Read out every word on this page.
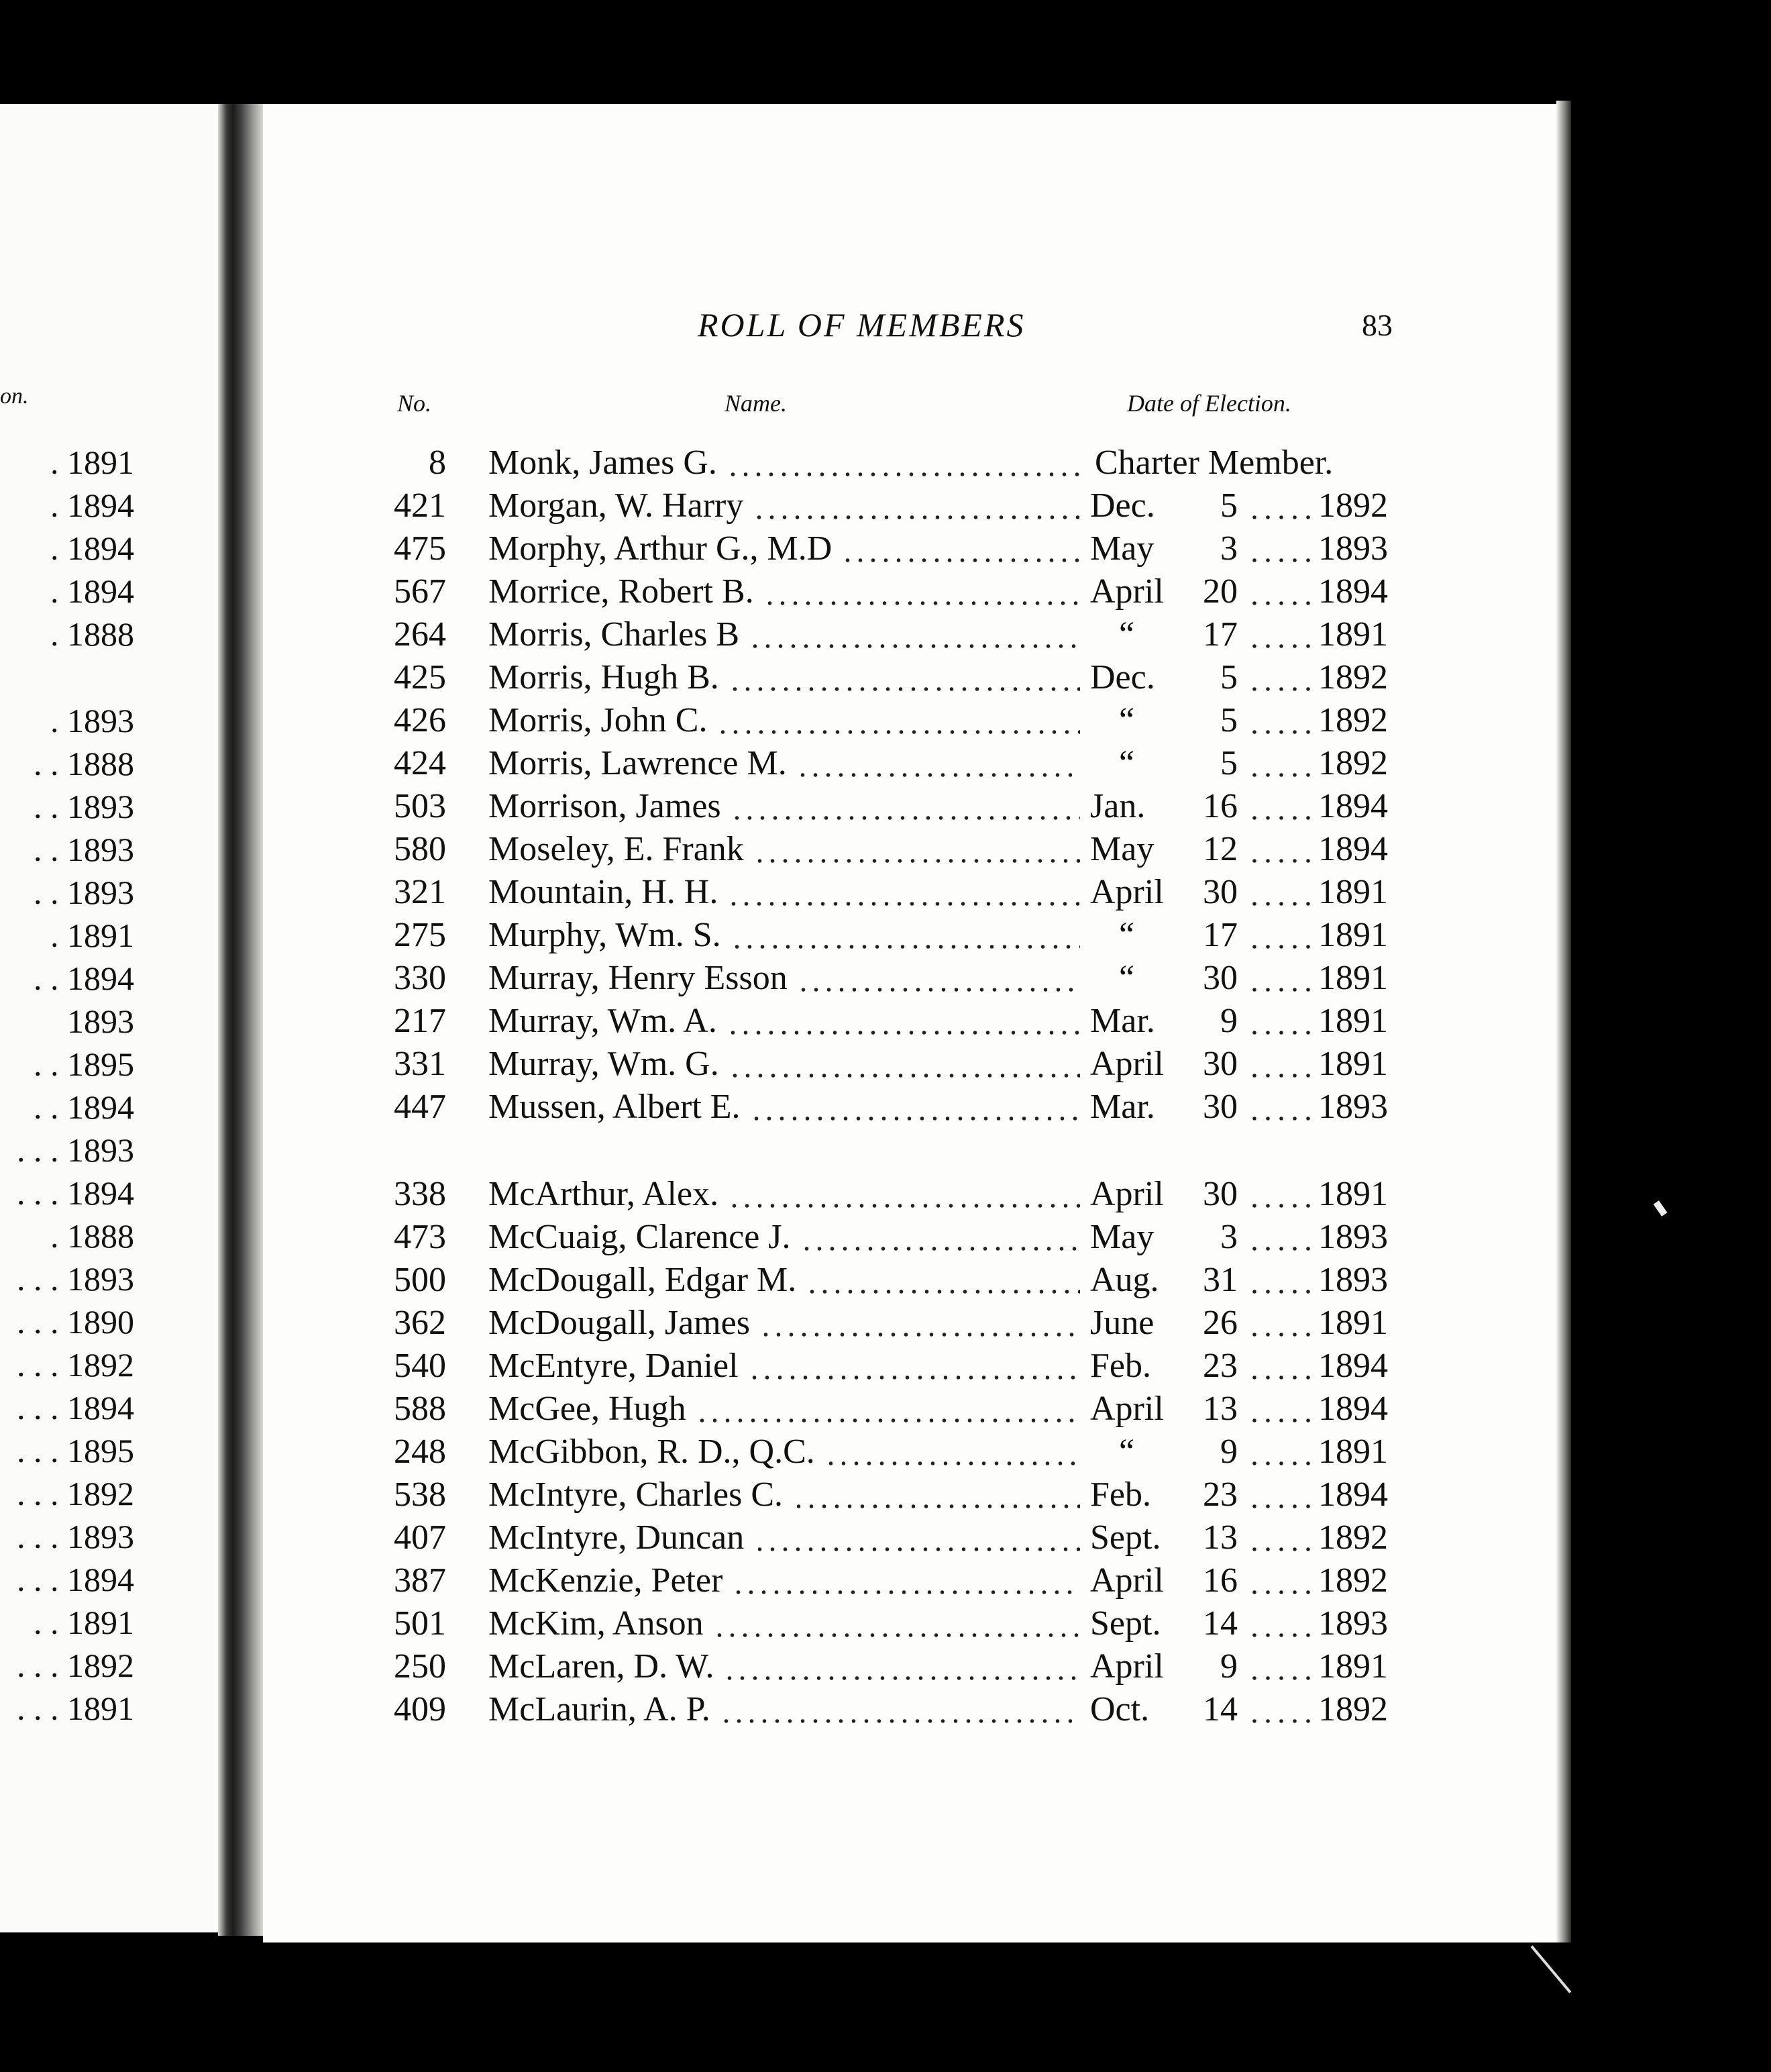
on.
. 1891
. 1894
. 1894
. 1894
. 1888
. 1893
. . 1888
. . 1893
. . 1893
. . 1893
. 1891
. . 1894
1893
. . 1895
. . 1894
. . . 1893
. . . 1894
. 1888
. . . 1893
. . . 1890
. . . 1892
. . . 1894
. . . 1895
. . . 1892
. . . 1893
. . . 1894
. . 1891
. . . 1892
. . . 1891
ROLL OF MEMBERS	83
No.	Name.	Date of Election.
8 Monk, James G.	Charter Member.
421 Morgan, W. Harry	Dec.	5 1892
475 Morphy, Arthur G., M.D	May	3 1893
567 Morrice, Robert B.	April	20 1894
264 Morris, Charles B	“	17 1891
425 Morris, Hugh B.	Dec.	5 1892
426 Morris, John C.	“	5 1892
424 Morris, Lawrence M.	“	5 1892
503 Morrison, James	Jan.	16 1894
580 Moseley, E. Frank	May	12 1894
321 Mountain, H. H.	April	30 1891
275 Murphy, Wm. S.	“	17 1891
330 Murray, Henry Esson	“	30 1891
217 Murray, Wm. A.	Mar.	9 1891
331 Murray, Wm. G.	April	30 1891
447 Mussen, Albert E.	Mar.	30 1893
338 McArthur, Alex.	April	30 1891
473 McCuaig, Clarence J.	May	3 1893
500 McDougall, Edgar M.	Aug.	31 1893
362 McDougall, James	June	26 1891
540 McEntyre, Daniel	Feb.	23 1894
588 McGee, Hugh	April	13 1894
248 McGibbon, R. D., Q.C.	“	9 1891
538 McIntyre, Charles C.	Feb.	23 1894
407 McIntyre, Duncan	Sept.	13 1892
387 McKenzie, Peter	April	16 1892
501 McKim, Anson	Sept.	14 1893
250 McLaren, D. W.	April	9 1891
409 McLaurin, A. P.	Oct.	14 1892
